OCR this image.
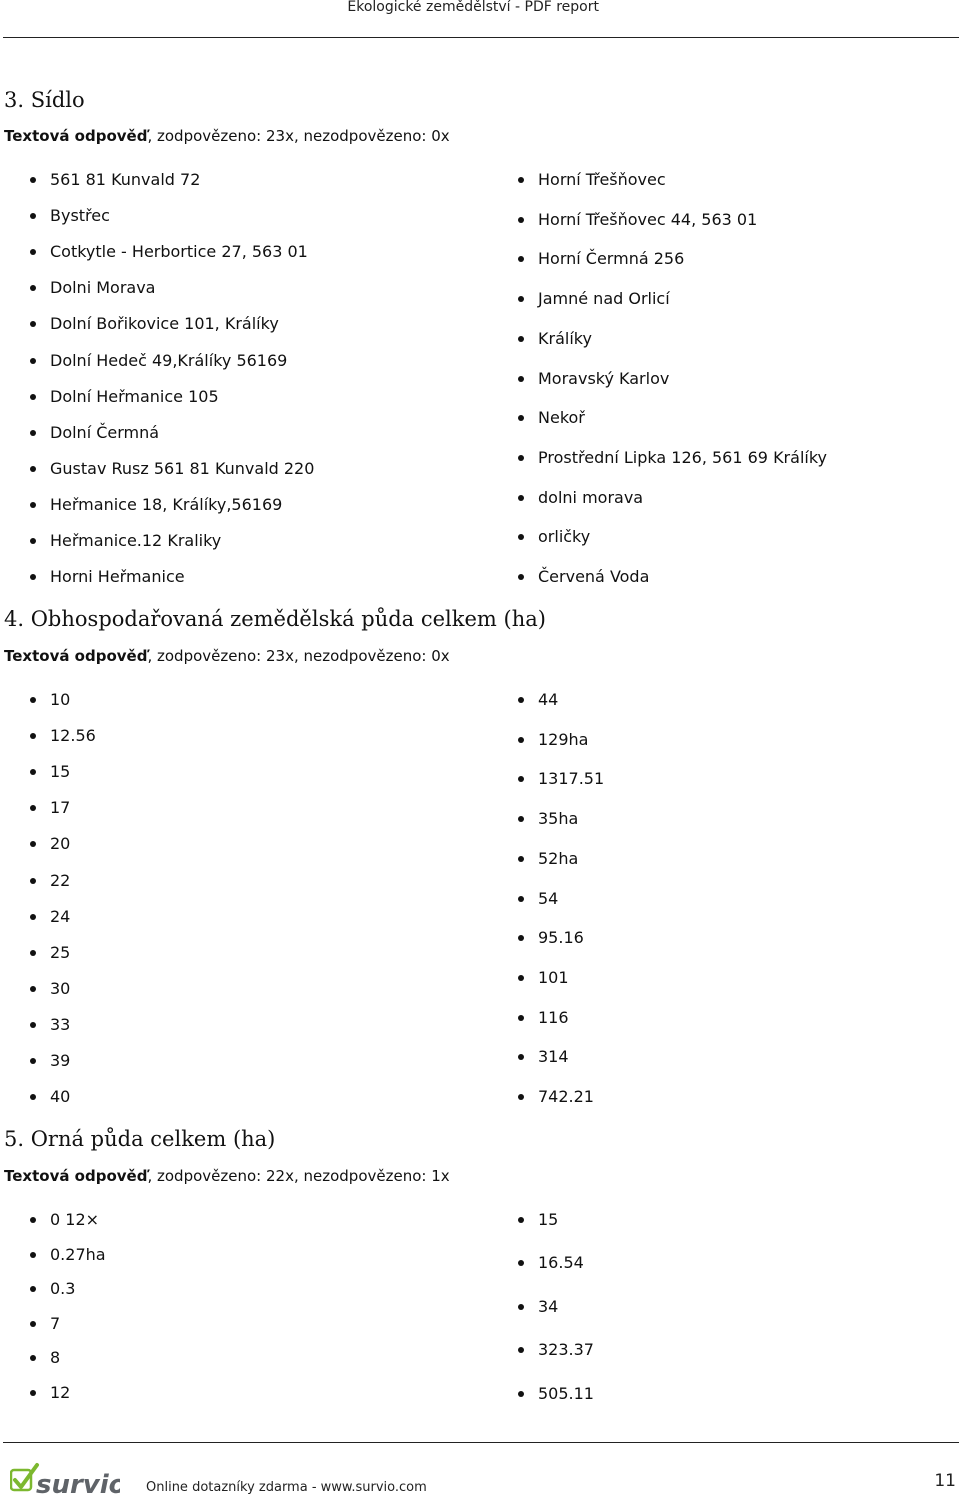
Ekologické zemědělství - PDF report
3. Sídlo
Textová odpověď, zodpovězeno: 23x, nezodpovězeno: 0x
4. Obhospodařovaná zemědělská půda celkem (ha)
Textová odpověď, zodpovězeno: 23x, nezodpovězeno: 0x
5. Orná půda celkem (ha)
Textová odpověď, zodpovězeno: 22x, nezodpovězeno: 1x
561 81 Kunvald 72
Bystřec
Cotkytle - Herbortice 27, 563 01
Dolni Morava
Dolní Bořikovice 101, Králíky
Dolní Hedeč 49,Králíky 56169
Dolní Heřmanice 105
Dolní Čermná
Gustav Rusz 561 81 Kunvald 220
Heřmanice 18, Králíky,56169
Heřmanice.12 Kraliky
Horni Heřmanice
Horní Třešňovec
Horní Třešňovec 44, 563 01
Horní Čermná 256
Jamné nad Orlicí
Králíky
Moravský Karlov
Nekoř
Prostřední Lipka 126, 561 69 Králíky
dolni morava
orličky
Červená Voda
10
12.56
15
17
20
22
24
25
30
33
39
40
44
129ha
1317.51
35ha
52ha
54
95.16
101
116
314
742.21
0 12×
0.27ha
0.3
7
8
12
15
16.54
34
323.37
505.11
survio Online dotazníky zdarma - www.survio.com	11
